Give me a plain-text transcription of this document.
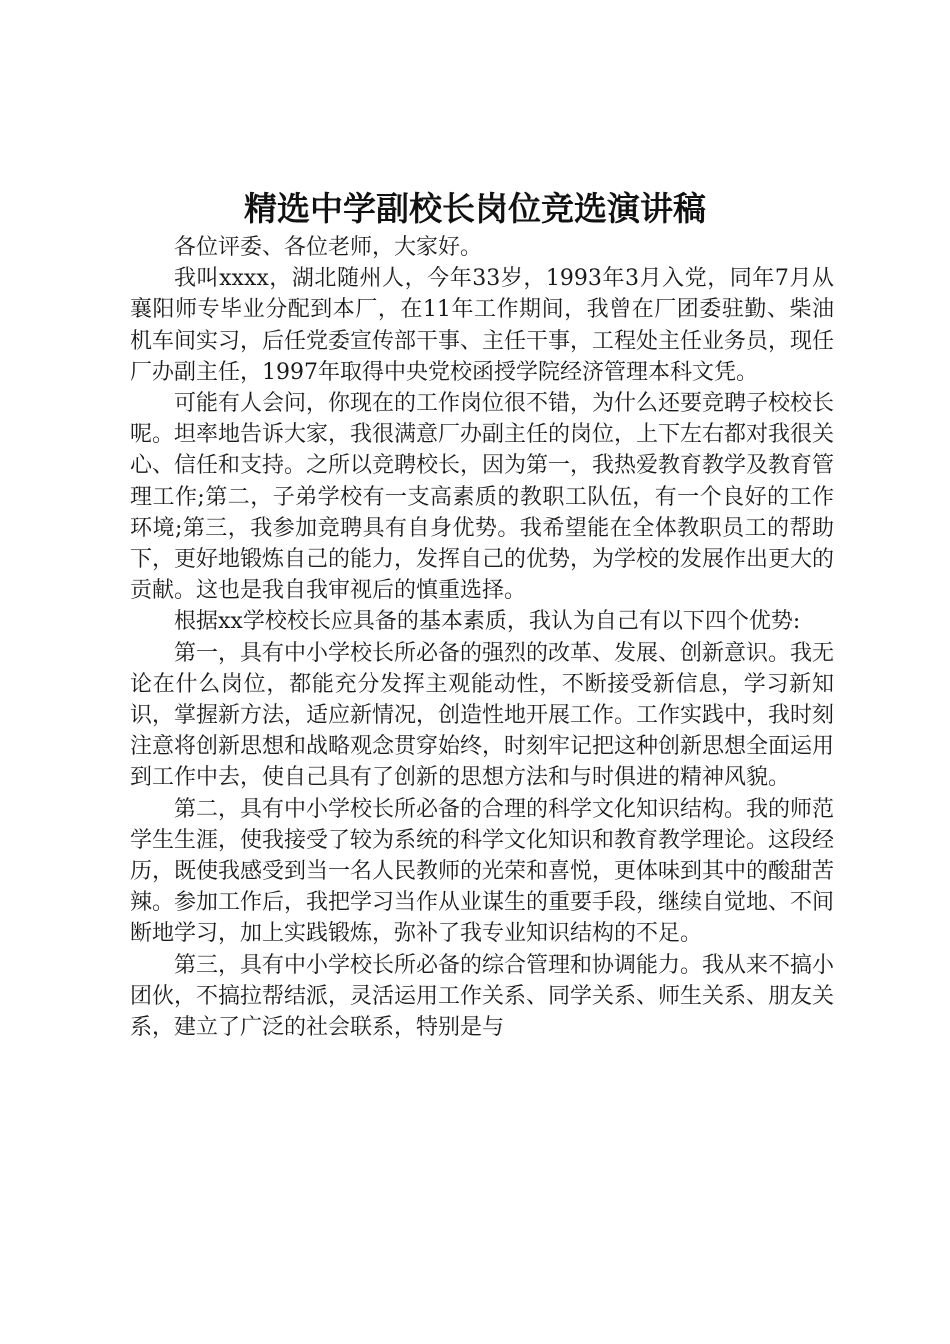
精选中学副校长岗位竞选演讲稿

各位评委、各位老师，大家好。

我叫xxxx，湖北随州人，今年33岁，1993年3月入党，同年7月从襄阳师专毕业分配到本厂，在11年工作期间，我曾在厂团委驻勤、柴油机车间实习，后任党委宣传部干事、主任干事，工程处主任业务员，现任厂办副主任，1997年取得中央党校函授学院经济管理本科文凭。

可能有人会问，你现在的工作岗位很不错，为什么还要竞聘子校校长呢。坦率地告诉大家，我很满意厂办副主任的岗位，上下左右都对我很关心、信任和支持。之所以竞聘校长，因为第一，我热爱教育教学及教育管理工作;第二，子弟学校有一支高素质的教职工队伍，有一个良好的工作环境;第三，我参加竞聘具有自身优势。我希望能在全体教职员工的帮助下，更好地锻炼自己的能力，发挥自己的优势，为学校的发展作出更大的贡献。这也是我自我审视后的慎重选择。

根据xx学校校长应具备的基本素质，我认为自己有以下四个优势:

第一，具有中小学校长所必备的强烈的改革、发展、创新意识。我无论在什么岗位，都能充分发挥主观能动性，不断接受新信息，学习新知识，掌握新方法，适应新情况，创造性地开展工作。工作实践中，我时刻注意将创新思想和战略观念贯穿始终，时刻牢记把这种创新思想全面运用到工作中去，使自己具有了创新的思想方法和与时俱进的精神风貌。

第二，具有中小学校长所必备的合理的科学文化知识结构。我的师范学生生涯，使我接受了较为系统的科学文化知识和教育教学理论。这段经历，既使我感受到当一名人民教师的光荣和喜悦，更体味到其中的酸甜苦辣。参加工作后，我把学习当作从业谋生的重要手段，继续自觉地、不间断地学习，加上实践锻炼，弥补了我专业知识结构的不足。

第三，具有中小学校长所必备的综合管理和协调能力。我从来不搞小团伙，不搞拉帮结派，灵活运用工作关系、同学关系、师生关系、朋友关系，建立了广泛的社会联系，特别是与
